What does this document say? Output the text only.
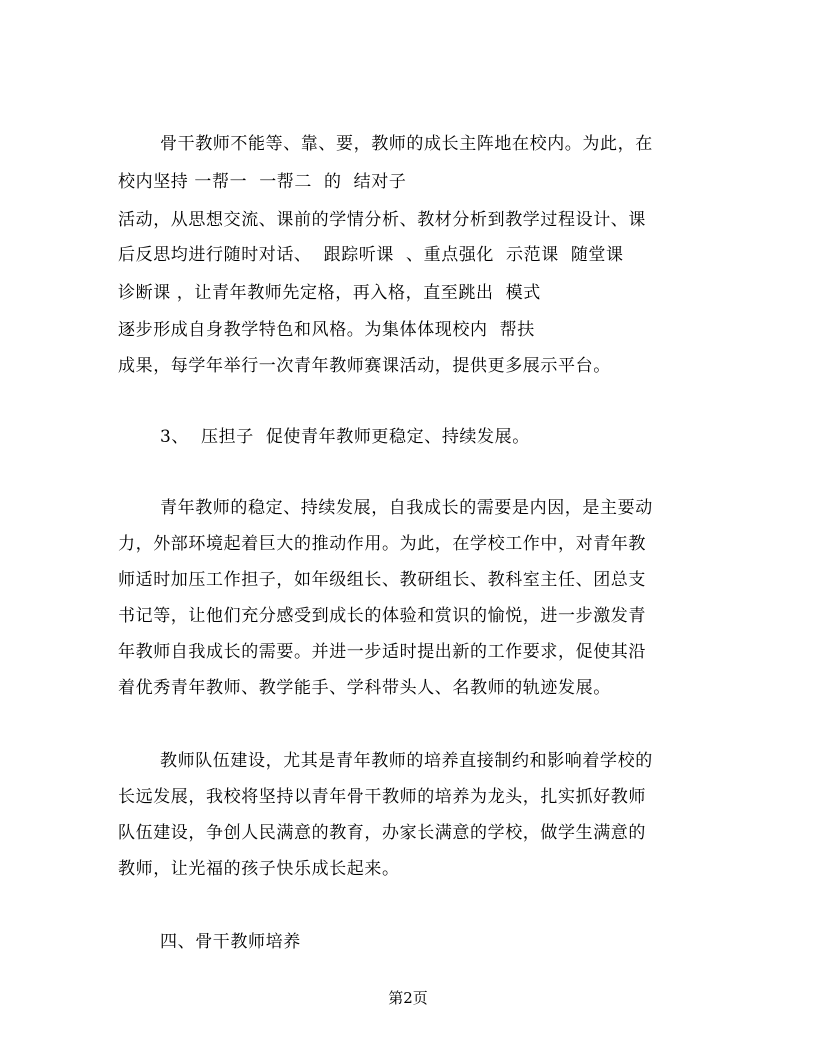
骨干教师不能等、靠、要，教师的成长主阵地在校内。为此，在
校内坚持 一帮一  一帮二  的  结对子
活动，从思想交流、课前的学情分析、教材分析到教学过程设计、课
后反思均进行随时对话、  跟踪听课  、重点强化  示范课  随堂课
诊断课 ，让青年教师先定格，再入格，直至跳出  模式
逐步形成自身教学特色和风格。为集体体现校内  帮扶
成果，每学年举行一次青年教师赛课活动，提供更多展示平台。
3、  压担子  促使青年教师更稳定、持续发展。
青年教师的稳定、持续发展，自我成长的需要是内因，是主要动
力，外部环境起着巨大的推动作用。为此，在学校工作中，对青年教
师适时加压工作担子，如年级组长、教研组长、教科室主任、团总支
书记等，让他们充分感受到成长的体验和赏识的愉悦，进一步激发青
年教师自我成长的需要。并进一步适时提出新的工作要求，促使其沿
着优秀青年教师、教学能手、学科带头人、名教师的轨迹发展。
教师队伍建设，尤其是青年教师的培养直接制约和影响着学校的
长远发展，我校将坚持以青年骨干教师的培养为龙头，扎实抓好教师
队伍建设，争创人民满意的教育，办家长满意的学校，做学生满意的
教师，让光福的孩子快乐成长起来。
四、骨干教师培养
第2页
